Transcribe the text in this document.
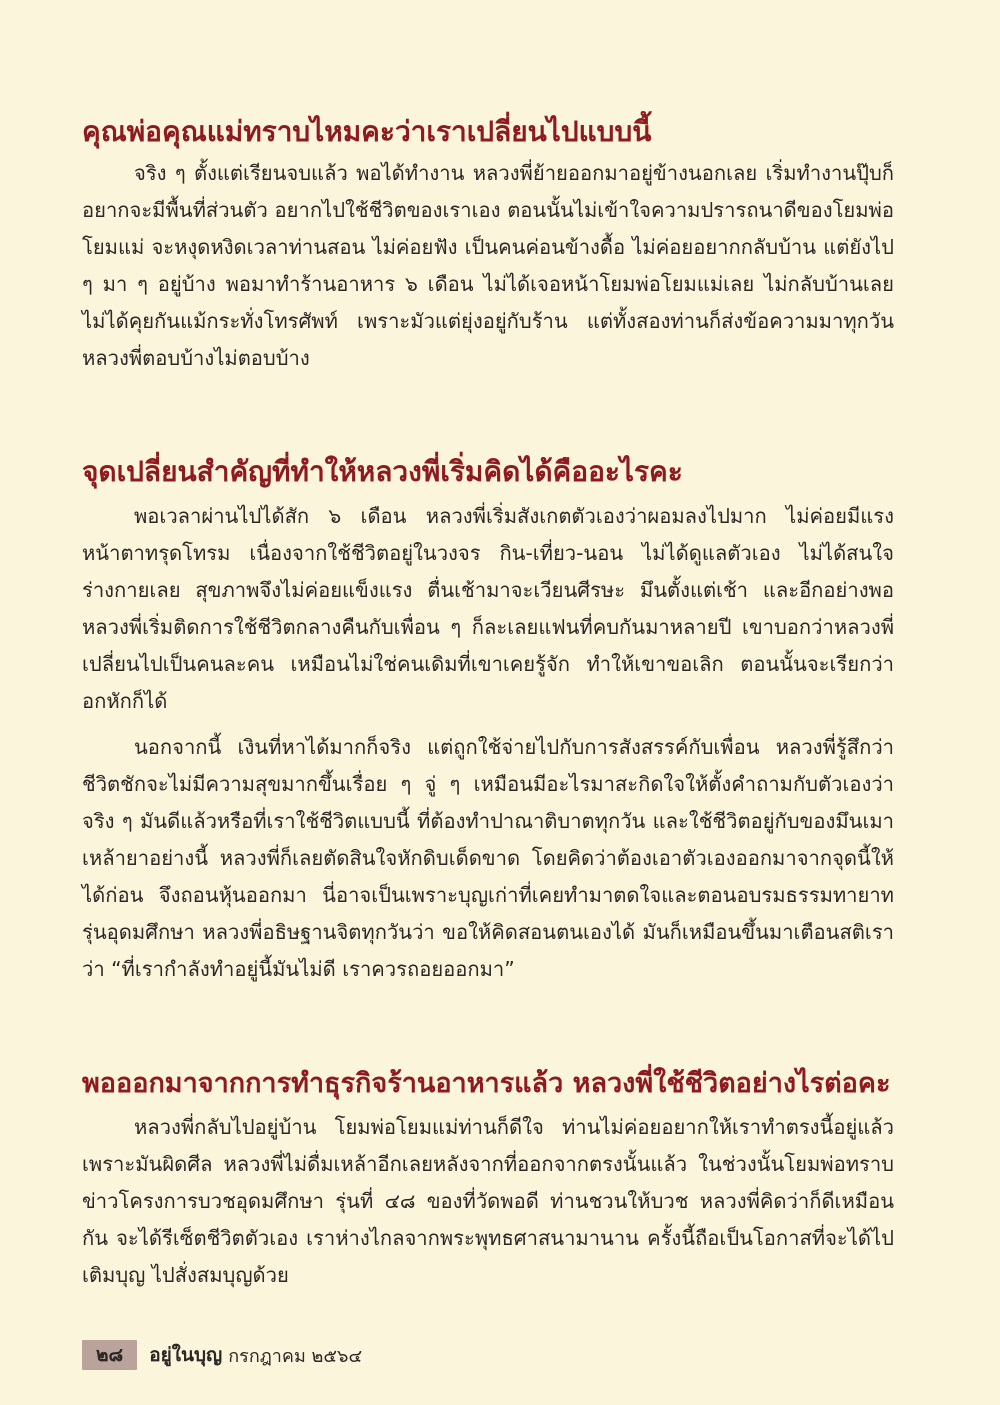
คุณพ่อคุณแม่ทราบไหมคะว่าเราเปลี่ยนไปแบบนี้

จริง ๆ ตั้งแต่เรียนจบแล้ว พอได้ทำงาน หลวงพี่ย้ายออกมาอยู่ข้างนอกเลย เริ่มทำงานปุ๊บก็อยากจะมีพื้นที่ส่วนตัว อยากไปใช้ชีวิตของเราเอง ตอนนั้นไม่เข้าใจความปรารถนาดีของโยมพ่อโยมแม่ จะหงุดหงิดเวลาท่านสอน ไม่ค่อยฟัง เป็นคนค่อนข้างดื้อ ไม่ค่อยอยากกลับบ้าน แต่ยังไป ๆ มา ๆ อยู่บ้าง พอมาทำร้านอาหาร ๖ เดือน ไม่ได้เจอหน้าโยมพ่อโยมแม่เลย ไม่กลับบ้านเลย ไม่ได้คุยกันแม้กระทั่งโทรศัพท์ เพราะมัวแต่ยุ่งอยู่กับร้าน แต่ทั้งสองท่านก็ส่งข้อความมาทุกวัน หลวงพี่ตอบบ้างไม่ตอบบ้าง

จุดเปลี่ยนสำคัญที่ทำให้หลวงพี่เริ่มคิดได้คืออะไรคะ

พอเวลาผ่านไปได้สัก ๖ เดือน หลวงพี่เริ่มสังเกตตัวเองว่าผอมลงไปมาก ไม่ค่อยมีแรง หน้าตาทรุดโทรม เนื่องจากใช้ชีวิตอยู่ในวงจร กิน-เที่ยว-นอน ไม่ได้ดูแลตัวเอง ไม่ได้สนใจร่างกายเลย สุขภาพจึงไม่ค่อยแข็งแรง ตื่นเช้ามาจะเวียนศีรษะ มึนตั้งแต่เช้า และอีกอย่างพอหลวงพี่เริ่มติดการใช้ชีวิตกลางคืนกับเพื่อน ๆ ก็ละเลยแฟนที่คบกันมาหลายปี เขาบอกว่าหลวงพี่เปลี่ยนไปเป็นคนละคน เหมือนไม่ใช่คนเดิมที่เขาเคยรู้จัก ทำให้เขาขอเลิก ตอนนั้นจะเรียกว่าอกหักก็ได้

นอกจากนี้ เงินที่หาได้มากก็จริง แต่ถูกใช้จ่ายไปกับการสังสรรค์กับเพื่อน หลวงพี่รู้สึกว่าชีวิตชักจะไม่มีความสุขมากขึ้นเรื่อย ๆ จู่ ๆ เหมือนมีอะไรมาสะกิดใจให้ตั้งคำถามกับตัวเองว่า จริง ๆ มันดีแล้วหรือที่เราใช้ชีวิตแบบนี้ ที่ต้องทำปาณาติบาตทุกวัน และใช้ชีวิตอยู่กับของมึนเมา เหล้ายาอย่างนี้ หลวงพี่ก็เลยตัดสินใจหักดิบเด็ดขาด โดยคิดว่าต้องเอาตัวเองออกมาจากจุดนี้ให้ได้ก่อน จึงถอนหุ้นออกมา นี่อาจเป็นเพราะบุญเก่าที่เคยทำมาตดใจและตอนอบรมธรรมทายาท รุ่นอุดมศึกษา หลวงพี่อธิษฐานจิตทุกวันว่า ขอให้คิดสอนตนเองได้ มันก็เหมือนขึ้นมาเตือนสติเราว่า “ที่เรากำลังทำอยู่นี้มันไม่ดี เราควรถอยออกมา”

พอออกมาจากการทำธุรกิจร้านอาหารแล้ว หลวงพี่ใช้ชีวิตอย่างไรต่อคะ

หลวงพี่กลับไปอยู่บ้าน โยมพ่อโยมแม่ท่านก็ดีใจ ท่านไม่ค่อยอยากให้เราทำตรงนี้อยู่แล้วเพราะมันผิดศีล หลวงพี่ไม่ดื่มเหล้าอีกเลยหลังจากที่ออกจากตรงนั้นแล้ว ในช่วงนั้นโยมพ่อทราบข่าวโครงการบวชอุดมศึกษา รุ่นที่ ๔๘ ของที่วัดพอดี ท่านชวนให้บวช หลวงพี่คิดว่าก็ดีเหมือนกัน จะได้รีเซ็ตชีวิตตัวเอง เราห่างไกลจากพระพุทธศาสนามานาน ครั้งนี้ถือเป็นโอกาสที่จะได้ไปเติมบุญ ไปสั่งสมบุญด้วย

๒๘	อยู่ในบุญ กรกฎาคม ๒๕๖๔
